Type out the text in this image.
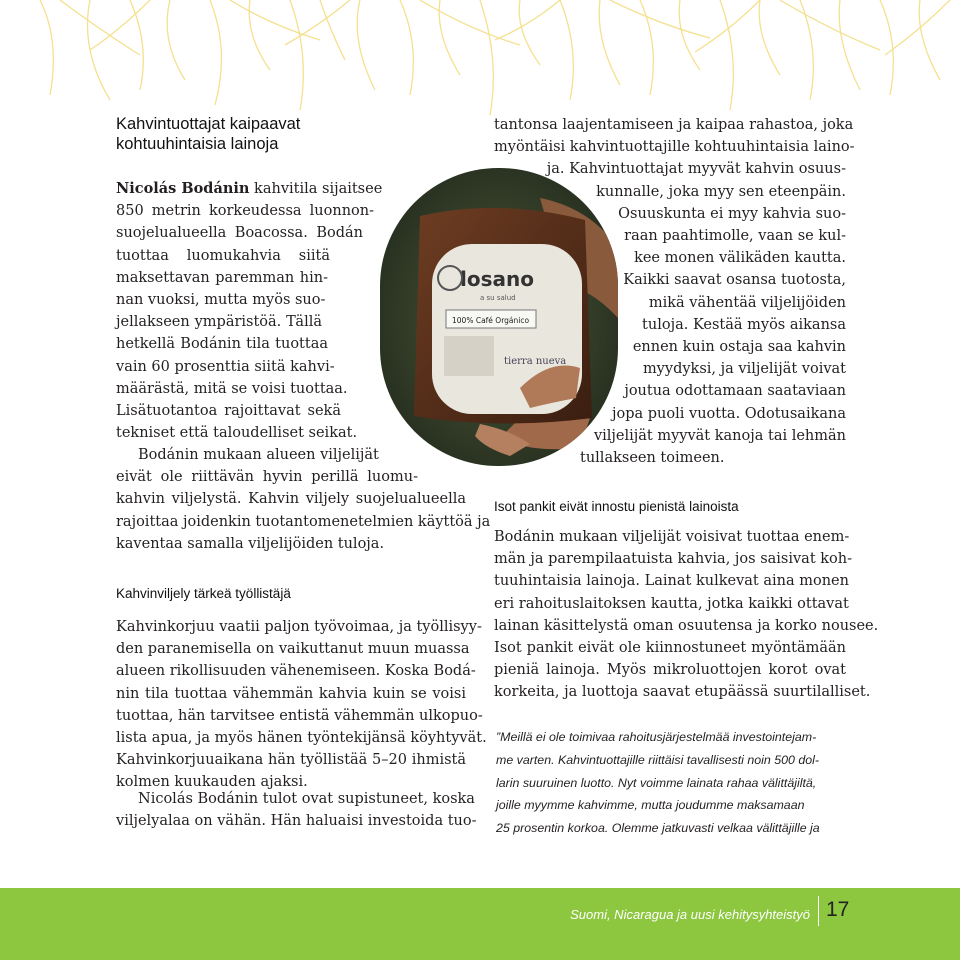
Kahvintuottajat kaipaavat
kohtuuhintaisia lainoja
Nicolás Bodánin kahvitila sijaitsee
850 metrin korkeudessa luonnon-
suojelualueella Boacossa. Bodán
tuottaa luomukahvia siitä
maksettavan paremman hin-
nan vuoksi, mutta myös suo-
jellakseen ympäristöä. Tällä
hetkellä Bodánin tila tuottaa
vain 60 prosenttia siitä kahvi-
määrästä, mitä se voisi tuottaa.
Lisätuotantoa rajoittavat sekä
tekniset että taloudelliset seikat.
Bodánin mukaan alueen viljelijät
eivät ole riittävän hyvin perillä luomu-
kahvin viljelystä. Kahvin viljely suojelualueella
rajoittaa joidenkin tuotantomenetelmien käyttöä ja
kaventaa samalla viljelijöiden tuloja.
Kahvinviljely tärkeä työllistäjä
Kahvinkorjuu vaatii paljon työvoimaa, ja työllisyy-
den paranemisella on vaikuttanut muun muassa
alueen rikollisuuden vähenemiseen. Koska Bodá-
nin tila tuottaa vähemmän kahvia kuin se voisi
tuottaa, hän tarvitsee entistä vähemmän ulkopuo-
lista apua, ja myös hänen työntekijänsä köyhtyvät.
Kahvinkorjuuaikana hän työllistää 5–20 ihmistä
kolmen kuukauden ajaksi.
Nicolás Bodánin tulot ovat supistuneet, koska
viljelyalaa on vähän. Hän haluaisi investoida tuo-
losano
a su salud
100% Café Orgánico
tierra nueva
tantonsa laajentamiseen ja kaipaa rahastoa, joka
myöntäisi kahvintuottajille kohtuuhintaisia laino-
ja. Kahvintuottajat myyvät kahvin osuus-
kunnalle, joka myy sen eteenpäin.
Osuuskunta ei myy kahvia suo-
raan paahtimolle, vaan se kul-
kee monen välikäden kautta.
Kaikki saavat osansa tuotosta,
mikä vähentää viljelijöiden
tuloja. Kestää myös aikansa
ennen kuin ostaja saa kahvin
myydyksi, ja viljelijät voivat
joutua odottamaan saataviaan
jopa puoli vuotta. Odotusaikana
viljelijät myyvät kanoja tai lehmän
tullakseen toimeen.
Isot pankit eivät innostu pienistä lainoista
Bodánin mukaan viljelijät voisivat tuottaa enem-
män ja parempilaatuista kahvia, jos saisivat koh-
tuuhintaisia lainoja. Lainat kulkevat aina monen
eri rahoituslaitoksen kautta, jotka kaikki ottavat
lainan käsittelystä oman osuutensa ja korko nousee.
Isot pankit eivät ole kiinnostuneet myöntämään
pieniä lainoja. Myös mikroluottojen korot ovat
korkeita, ja luottoja saavat etupäässä suurtilalliset.
”Meillä ei ole toimivaa rahoitusjärjestelmää investointejam-
me varten. Kahvintuottajille riittäisi tavallisesti noin 500 dol-
larin suuruinen luotto. Nyt voimme lainata rahaa välittäjiltä,
joille myymme kahvimme, mutta joudumme maksamaan
25 prosentin korkoa. Olemme jatkuvasti velkaa välittäjille ja
Suomi, Nicaragua ja uusi kehitysyhteistyö 17
